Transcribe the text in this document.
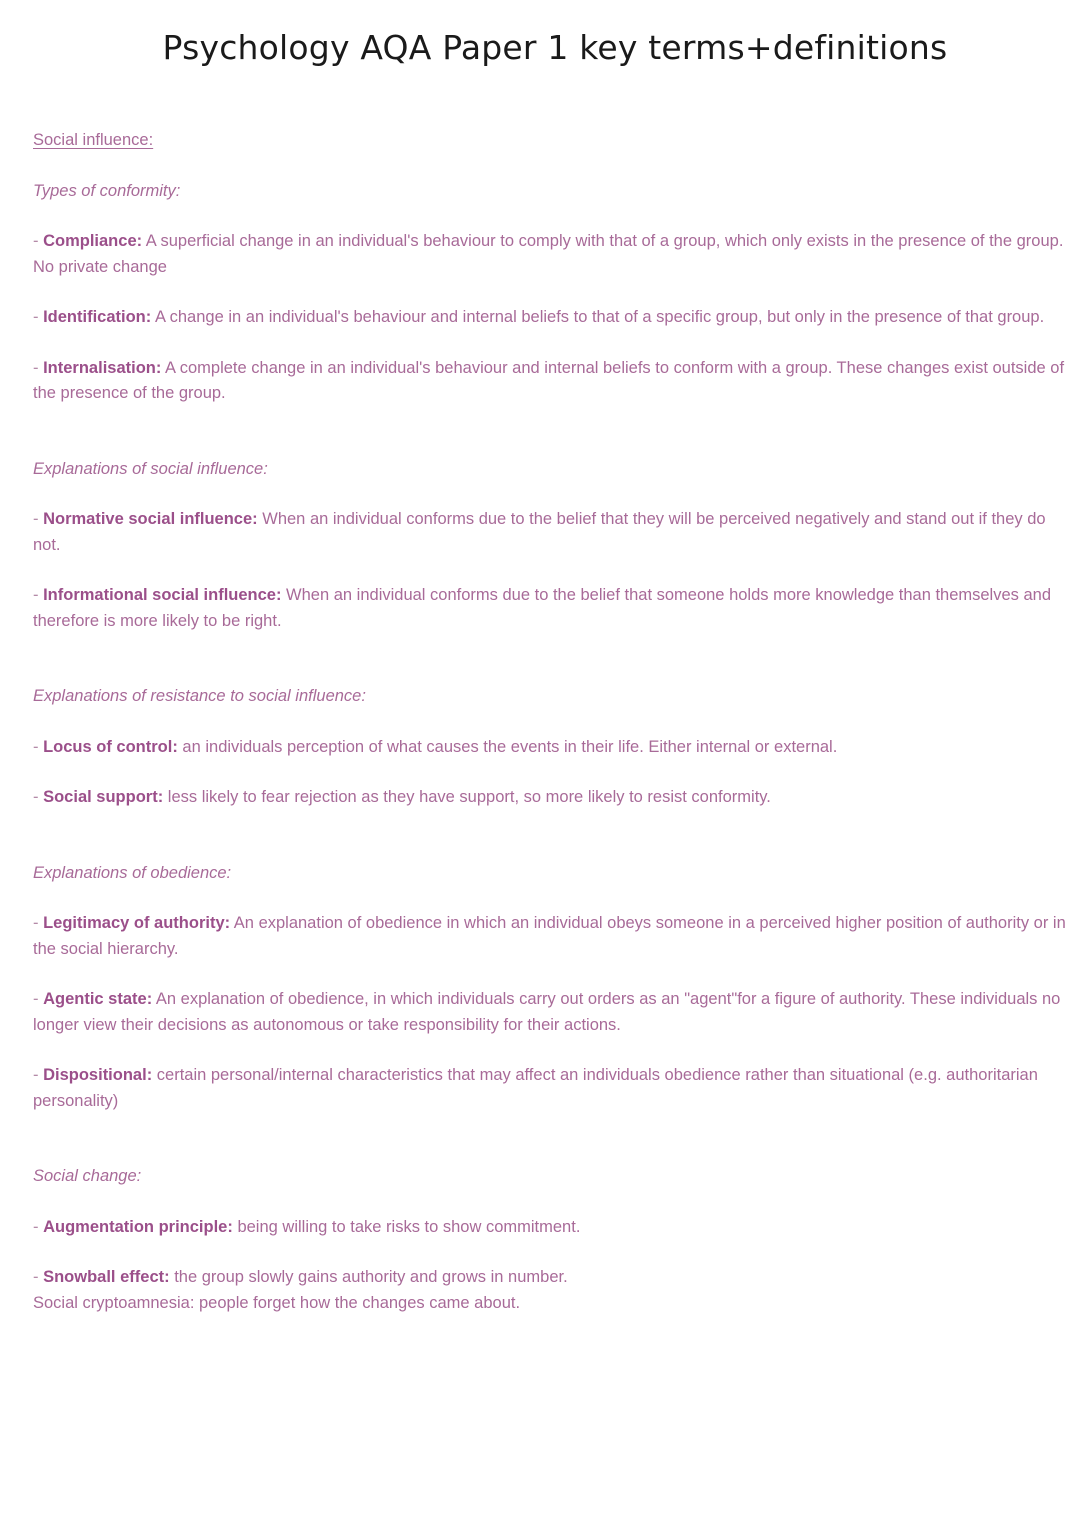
Psychology AQA Paper 1 key terms+definitions
Social influence:
Types of conformity:
- Compliance: A superficial change in an individual's behaviour to comply with that of a group, which only exists in the presence of the group. No private change
- Identification: A change in an individual's behaviour and internal beliefs to that of a specific group, but only in the presence of that group.
- Internalisation: A complete change in an individual's behaviour and internal beliefs to conform with a group. These changes exist outside of the presence of the group.
Explanations of social influence:
- Normative social influence: When an individual conforms due to the belief that they will be perceived negatively and stand out if they do not.
- Informational social influence: When an individual conforms due to the belief that someone holds more knowledge than themselves and therefore is more likely to be right.
Explanations of resistance to social influence:
- Locus of control: an individuals perception of what causes the events in their life. Either internal or external.
- Social support: less likely to fear rejection as they have support, so more likely to resist conformity.
Explanations of obedience:
- Legitimacy of authority: An explanation of obedience in which an individual obeys someone in a perceived higher position of authority or in the social hierarchy.
- Agentic state: An explanation of obedience, in which individuals carry out orders as an "agent"for a figure of authority. These individuals no longer view their decisions as autonomous or take responsibility for their actions.
- Dispositional: certain personal/internal characteristics that may affect an individuals obedience rather than situational (e.g. authoritarian personality)
Social change:
- Augmentation principle: being willing to take risks to show commitment.
- Snowball effect: the group slowly gains authority and grows in number.
Social cryptoamnesia: people forget how the changes came about.
